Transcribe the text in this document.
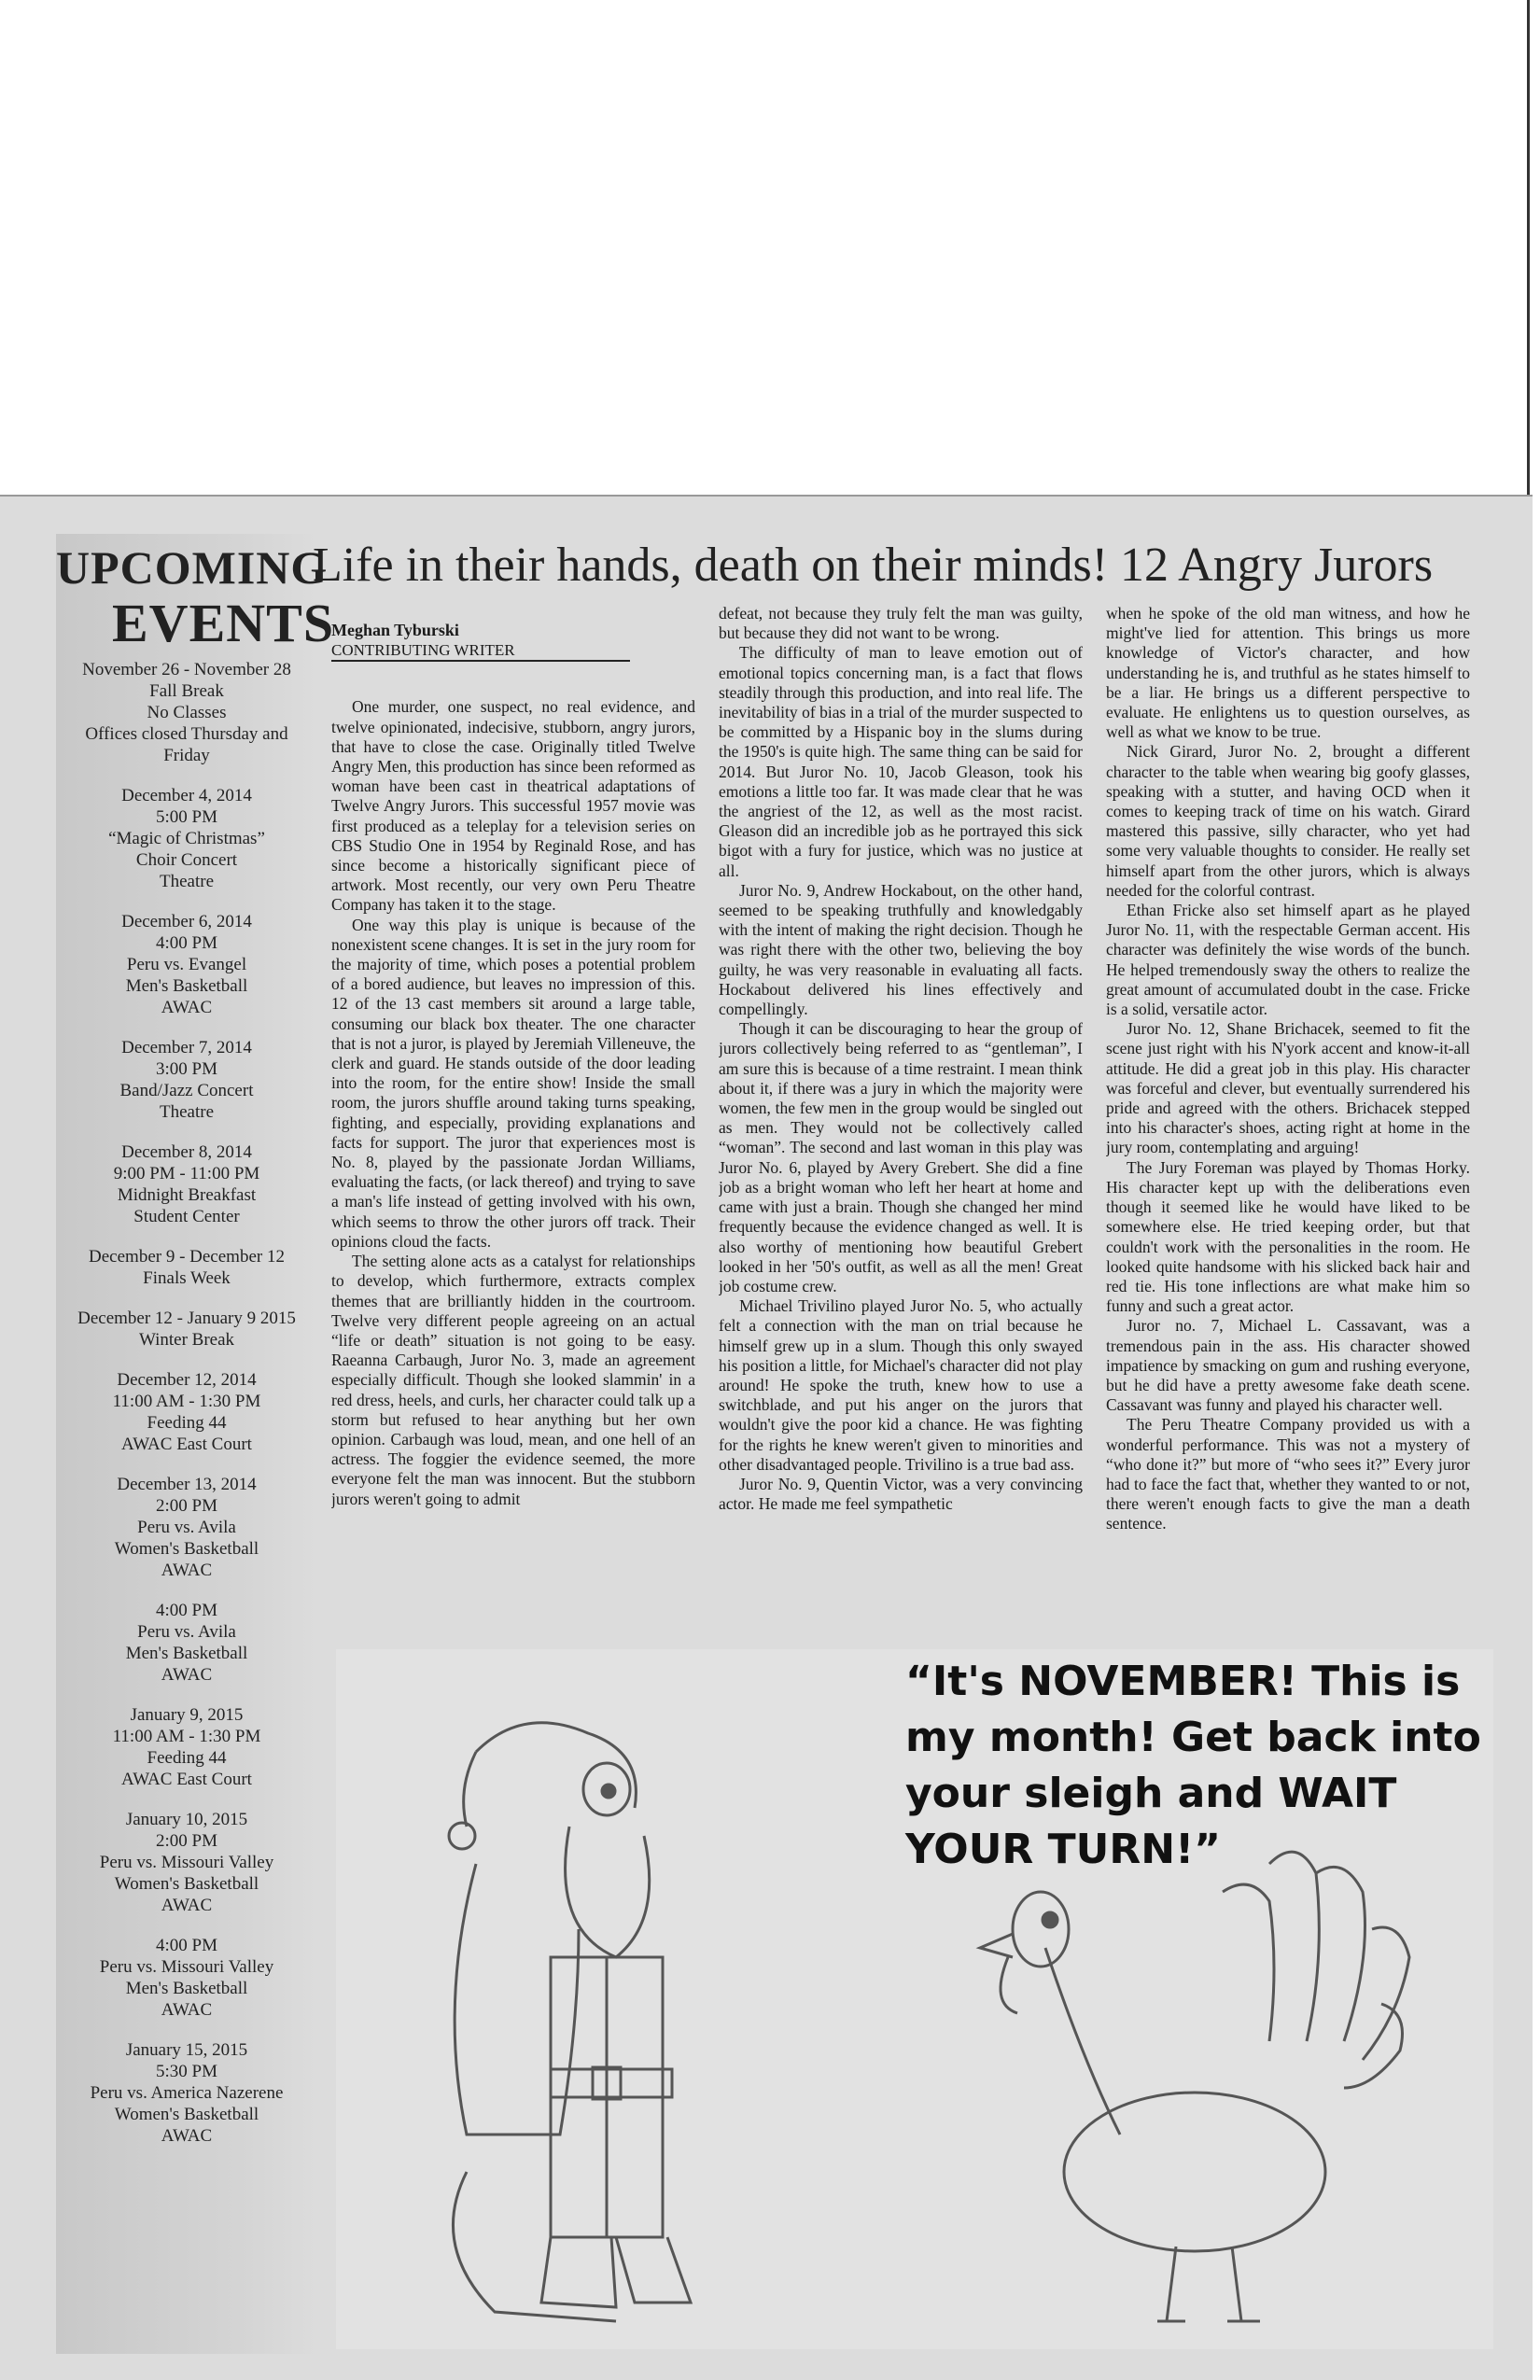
UPCOMING
EVENTS
November 26 - November 28
Fall Break
No Classes
Offices closed Thursday and
Friday
December 4, 2014
5:00 PM
“Magic of Christmas”
Choir Concert
Theatre
December 6, 2014
4:00 PM
Peru vs. Evangel
Men's Basketball
AWAC
December 7, 2014
3:00 PM
Band/Jazz Concert
Theatre
December 8, 2014
9:00 PM - 11:00 PM
Midnight Breakfast
Student Center
December 9 - December 12
Finals Week
December 12 - January 9 2015
Winter Break
December 12, 2014
11:00 AM - 1:30 PM
Feeding 44
AWAC East Court
December 13, 2014
2:00 PM
Peru vs. Avila
Women's Basketball
AWAC
4:00 PM
Peru vs. Avila
Men's Basketball
AWAC
January 9, 2015
11:00 AM - 1:30 PM
Feeding 44
AWAC East Court
January 10, 2015
2:00 PM
Peru vs. Missouri Valley
Women's Basketball
AWAC
4:00 PM
Peru vs. Missouri Valley
Men's Basketball
AWAC
January 15, 2015
5:30 PM
Peru vs. America Nazerene
Women's Basketball
AWAC
Life in their hands, death on their minds! 12 Angry Jurors
Meghan Tyburski
CONTRIBUTING WRITER

One murder, one suspect, no real evidence, and twelve opinionated, indecisive, stubborn, angry jurors, that have to close the case. Originally titled Twelve Angry Men, this production has since been reformed as woman have been cast in theatrical adaptations of Twelve Angry Jurors. This successful 1957 movie was first produced as a teleplay for a television series on CBS Studio One in 1954 by Reginald Rose, and has since become a historically significant piece of artwork. Most recently, our very own Peru Theatre Company has taken it to the stage.

One way this play is unique is because of the nonexistent scene changes. It is set in the jury room for the majority of time, which poses a potential problem of a bored audience, but leaves no impression of this. 12 of the 13 cast members sit around a large table, consuming our black box theater. The one character that is not a juror, is played by Jeremiah Villeneuve, the clerk and guard. He stands outside of the door leading into the room, for the entire show! Inside the small room, the jurors shuffle around taking turns speaking, fighting, and especially, providing explanations and facts for support. The juror that experiences most is No. 8, played by the passionate Jordan Williams, evaluating the facts, (or lack thereof) and trying to save a man's life instead of getting involved with his own, which seems to throw the other jurors off track. Their opinions cloud the facts.

The setting alone acts as a catalyst for relationships to develop, which furthermore, extracts complex themes that are brilliantly hidden in the courtroom. Twelve very different people agreeing on an actual “life or death” situation is not going to be easy. Raeanna Carbaugh, Juror No. 3, made an agreement especially difficult. Though she looked slammin' in a red dress, heels, and curls, her character could talk up a storm but refused to hear anything but her own opinion. Carbaugh was loud, mean, and one hell of an actress. The foggier the evidence seemed, the more everyone felt the man was innocent. But the stubborn jurors weren't going to admit

defeat, not because they truly felt the man was guilty, but because they did not want to be wrong.

The difficulty of man to leave emotion out of emotional topics concerning man, is a fact that flows steadily through this production, and into real life. The inevitability of bias in a trial of the murder suspected to be committed by a Hispanic boy in the slums during the 1950's is quite high. The same thing can be said for 2014. But Juror No. 10, Jacob Gleason, took his emotions a little too far. It was made clear that he was the angriest of the 12, as well as the most racist. Gleason did an incredible job as he portrayed this sick bigot with a fury for justice, which was no justice at all.

Juror No. 9, Andrew Hockabout, on the other hand, seemed to be speaking truthfully and knowledgably with the intent of making the right decision. Though he was right there with the other two, believing the boy guilty, he was very reasonable in evaluating all facts. Hockabout delivered his lines effectively and compellingly.

Though it can be discouraging to hear the group of jurors collectively being referred to as “gentleman”, I am sure this is because of a time restraint. I mean think about it, if there was a jury in which the majority were women, the few men in the group would be singled out as men. They would not be collectively called “woman”. The second and last woman in this play was Juror No. 6, played by Avery Grebert. She did a fine job as a bright woman who left her heart at home and came with just a brain. Though she changed her mind frequently because the evidence changed as well. It is also worthy of mentioning how beautiful Grebert looked in her '50's outfit, as well as all the men! Great job costume crew.

Michael Trivilino played Juror No. 5, who actually felt a connection with the man on trial because he himself grew up in a slum. Though this only swayed his position a little, for Michael's character did not play around! He spoke the truth, knew how to use a switchblade, and put his anger on the jurors that wouldn't give the poor kid a chance. He was fighting for the rights he knew weren't given to minorities and other disadvantaged people. Trivilino is a true bad ass.

Juror No. 9, Quentin Victor, was a very convincing actor. He made me feel sympathetic

when he spoke of the old man witness, and how he might've lied for attention. This brings us more knowledge of Victor's character, and how understanding he is, and truthful as he states himself to be a liar. He brings us a different perspective to evaluate. He enlightens us to question ourselves, as well as what we know to be true.

Nick Girard, Juror No. 2, brought a different character to the table when wearing big goofy glasses, speaking with a stutter, and having OCD when it comes to keeping track of time on his watch. Girard mastered this passive, silly character, who yet had some very valuable thoughts to consider. He really set himself apart from the other jurors, which is always needed for the colorful contrast.

Ethan Fricke also set himself apart as he played Juror No. 11, with the respectable German accent. His character was definitely the wise words of the bunch. He helped tremendously sway the others to realize the great amount of accumulated doubt in the case. Fricke is a solid, versatile actor.

Juror No. 12, Shane Brichacek, seemed to fit the scene just right with his N'york accent and know-it-all attitude. He did a great job in this play. His character was forceful and clever, but eventually surrendered his pride and agreed with the others. Brichacek stepped into his character's shoes, acting right at home in the jury room, contemplating and arguing!

The Jury Foreman was played by Thomas Horky. His character kept up with the deliberations even though it seemed like he would have liked to be somewhere else. He tried keeping order, but that couldn't work with the personalities in the room. He looked quite handsome with his slicked back hair and red tie. His tone inflections are what make him so funny and such a great actor.

Juror no. 7, Michael L. Cassavant, was a tremendous pain in the ass. His character showed impatience by smacking on gum and rushing everyone, but he did have a pretty awesome fake death scene. Cassavant was funny and played his character well.

The Peru Theatre Company provided us with a wonderful performance. This was not a mystery of “who done it?” but more of “who sees it?” Every juror had to face the fact that, whether they wanted to or not, there weren't enough facts to give the man a death sentence.

“It's NOVEMBER! This is my month! Get back into your sleigh and WAIT YOUR TURN!”
